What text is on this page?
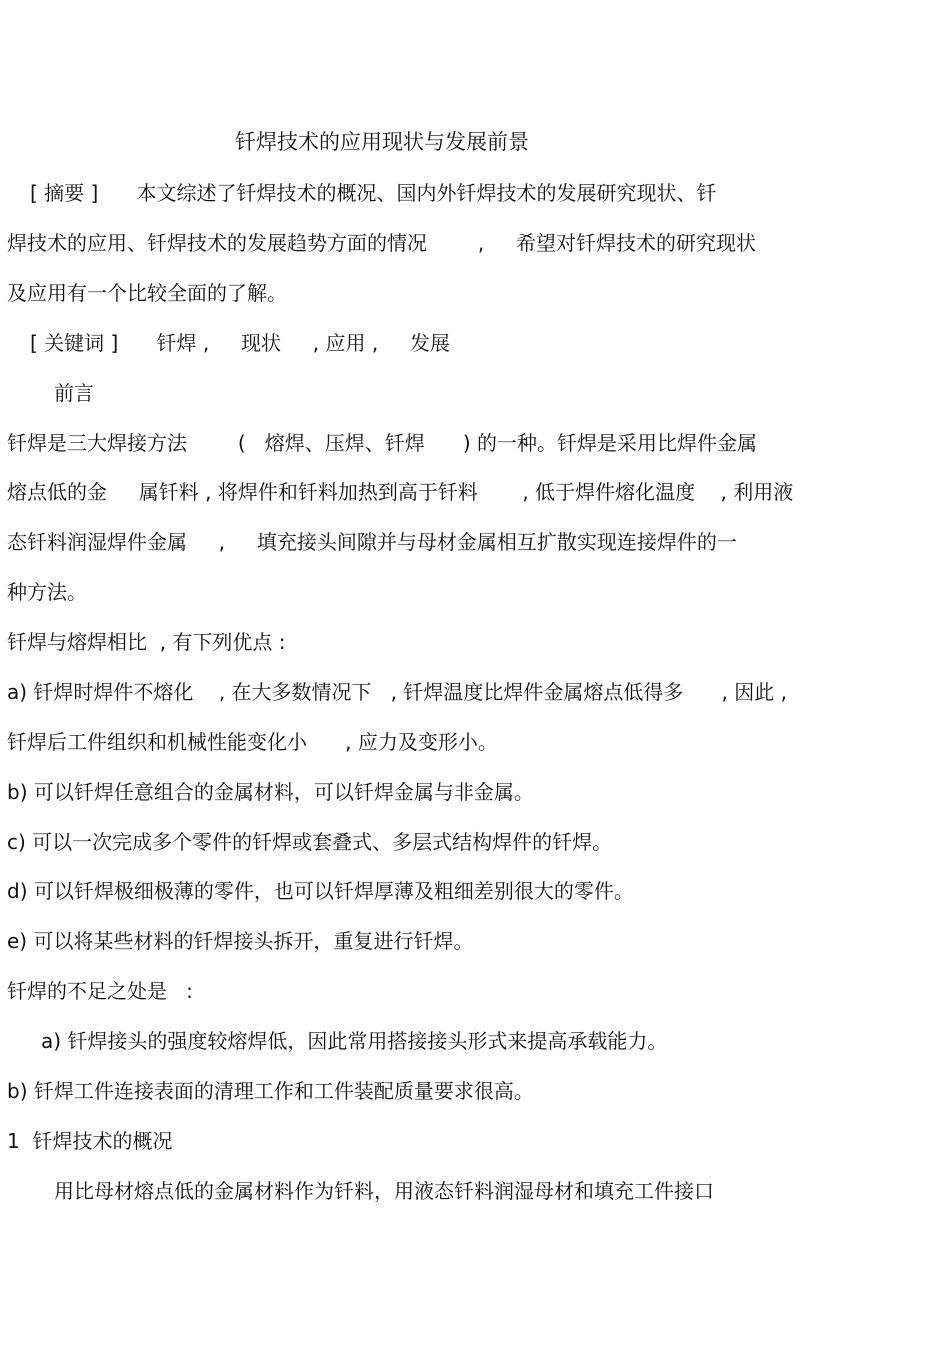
钎焊技术的应用现状与发展前景
[ 摘要 ]      本文综述了钎焊技术的概况、国内外钎焊技术的发展研究现状、钎
焊技术的应用、钎焊技术的发展趋势方面的情况        ,     希望对钎焊技术的研究现状
及应用有一个比较全面的了解。
[ 关键词 ]      钎焊 ,     现状     , 应用 ,     发展
前言
钎焊是三大焊接方法        (   熔焊、压焊、钎焊      ) 的一种。钎焊是采用比焊件金属
熔点低的金     属钎料 , 将焊件和钎料加热到高于钎料       , 低于焊件熔化温度    , 利用液
态钎料润湿焊件金属     ,     填充接头间隙并与母材金属相互扩散实现连接焊件的一
种方法。
钎焊与熔焊相比  , 有下列优点 :
a) 钎焊时焊件不熔化    , 在大多数情况下   , 钎焊温度比焊件金属熔点低得多      , 因此 ,
钎焊后工件组织和机械性能变化小      , 应力及变形小。
b) 可以钎焊任意组合的金属材料，可以钎焊金属与非金属。
c) 可以一次完成多个零件的钎焊或套叠式、多层式结构焊件的钎焊。
d) 可以钎焊极细极薄的零件，也可以钎焊厚薄及粗细差别很大的零件。
e) 可以将某些材料的钎焊接头拆开，重复进行钎焊。
钎焊的不足之处是   :
a) 钎焊接头的强度较熔焊低，因此常用搭接接头形式来提高承载能力。
b) 钎焊工件连接表面的清理工作和工件装配质量要求很高。
1  钎焊技术的概况
用比母材熔点低的金属材料作为钎料，用液态钎料润湿母材和填充工件接口
